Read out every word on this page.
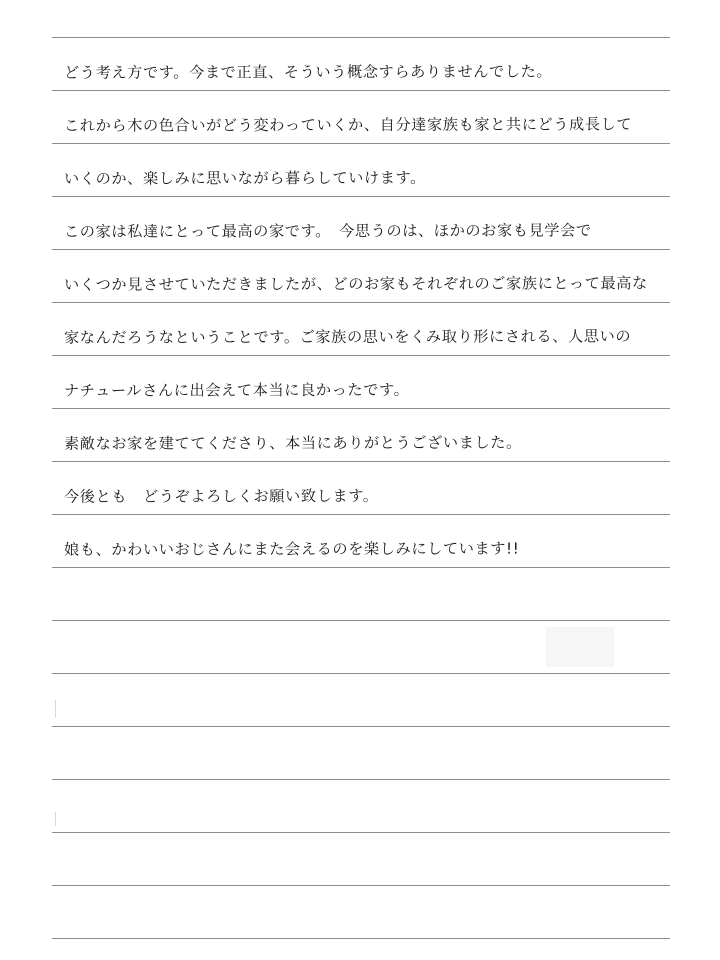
どう考え方です。今まで正直、そういう概念すらありませんでした。
これから木の色合いがどう変わっていくか、自分達家族も家と共にどう成長して
いくのか、楽しみに思いながら暮らしていけます。
この家は私達にとって最高の家です。　今思うのは、ほかのお家も見学会で
いくつか見させていただきましたが、どのお家もそれぞれのご家族にとって最高な
家なんだろうなということです。ご家族の思いをくみ取り形にされる、人思いの
ナチュールさんに出会えて本当に良かったです。
素敵なお家を建ててくださり、本当にありがとうございました。
今後とも　どうぞよろしくお願い致します。
娘も、かわいいおじさんにまた会えるのを楽しみにしています!!
